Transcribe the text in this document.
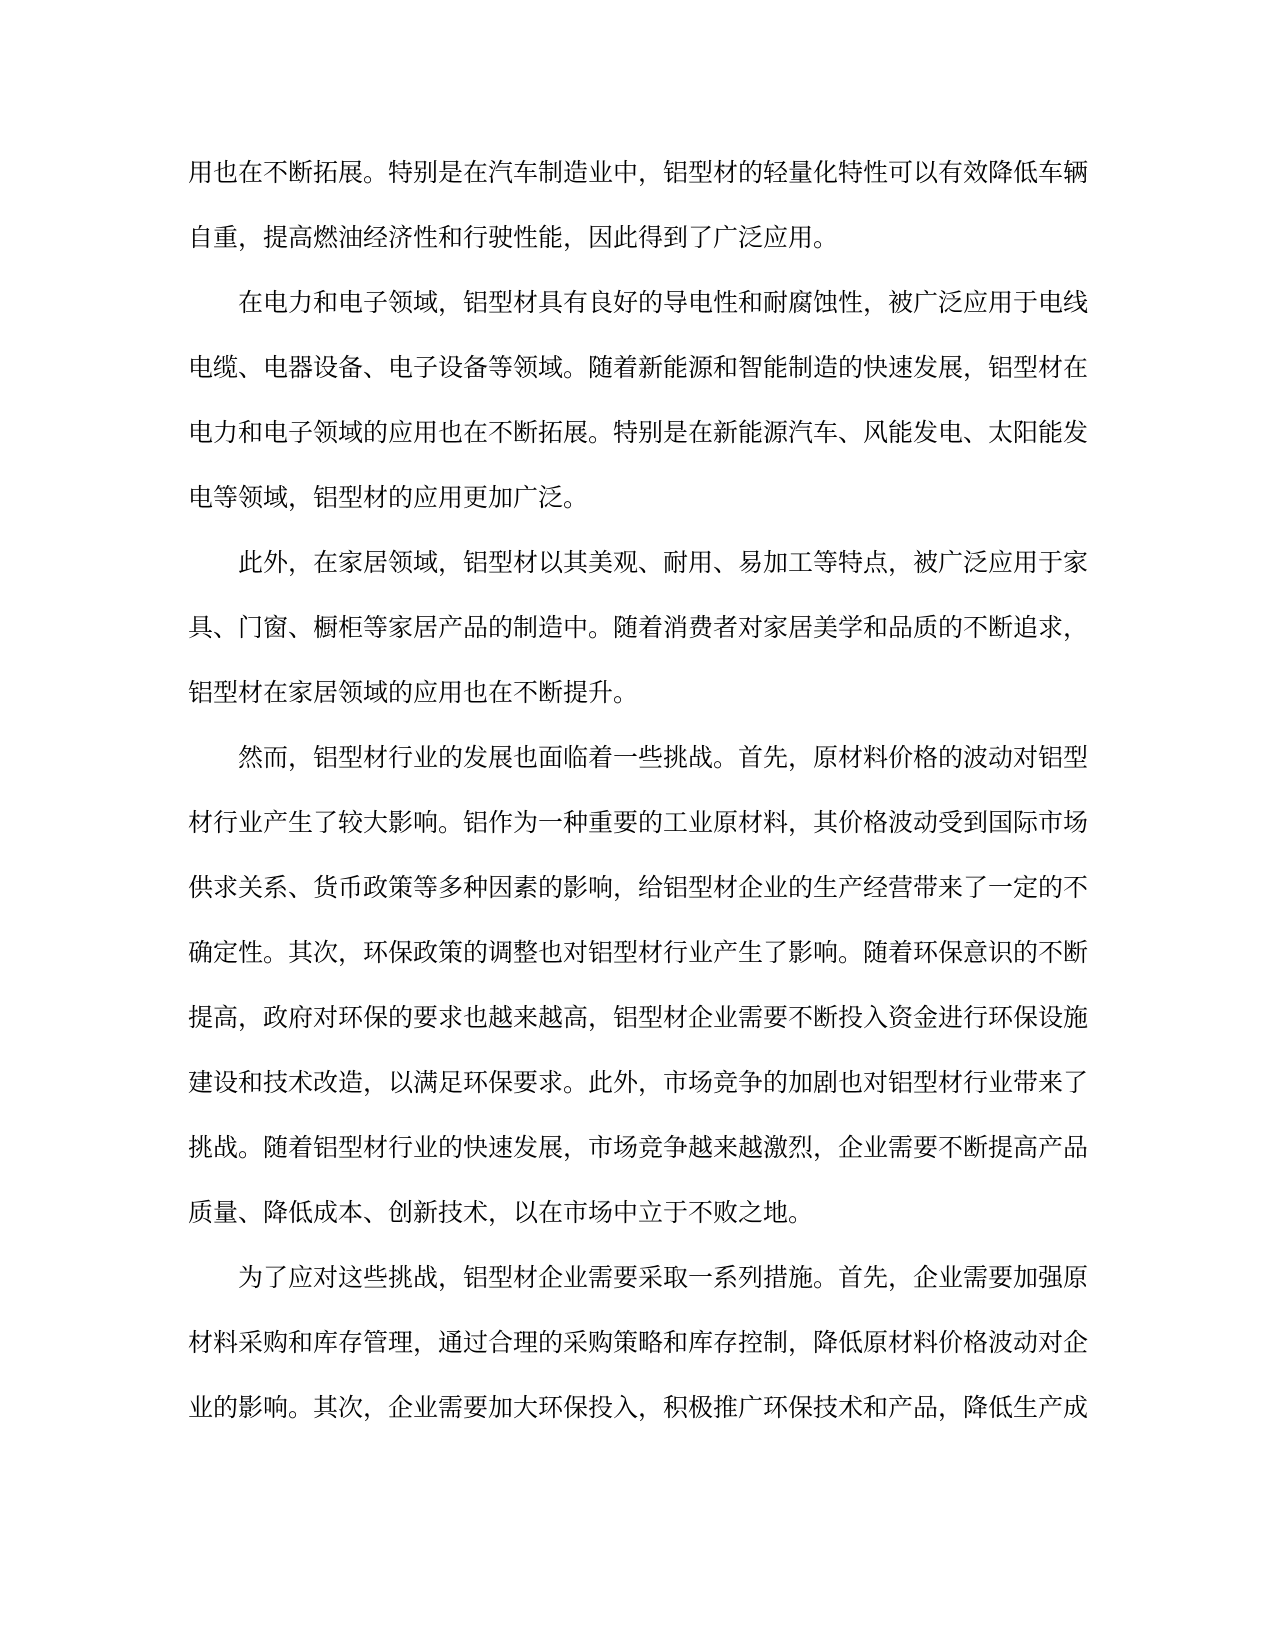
用也在不断拓展。特别是在汽车制造业中，铝型材的轻量化特性可以有效降低车辆
自重，提高燃油经济性和行驶性能，因此得到了广泛应用。
在电力和电子领域，铝型材具有良好的导电性和耐腐蚀性，被广泛应用于电线
电缆、电器设备、电子设备等领域。随着新能源和智能制造的快速发展，铝型材在
电力和电子领域的应用也在不断拓展。特别是在新能源汽车、风能发电、太阳能发
电等领域，铝型材的应用更加广泛。
此外，在家居领域，铝型材以其美观、耐用、易加工等特点，被广泛应用于家
具、门窗、橱柜等家居产品的制造中。随着消费者对家居美学和品质的不断追求，
铝型材在家居领域的应用也在不断提升。
然而，铝型材行业的发展也面临着一些挑战。首先，原材料价格的波动对铝型
材行业产生了较大影响。铝作为一种重要的工业原材料，其价格波动受到国际市场
供求关系、货币政策等多种因素的影响，给铝型材企业的生产经营带来了一定的不
确定性。其次，环保政策的调整也对铝型材行业产生了影响。随着环保意识的不断
提高，政府对环保的要求也越来越高，铝型材企业需要不断投入资金进行环保设施
建设和技术改造，以满足环保要求。此外，市场竞争的加剧也对铝型材行业带来了
挑战。随着铝型材行业的快速发展，市场竞争越来越激烈，企业需要不断提高产品
质量、降低成本、创新技术，以在市场中立于不败之地。
为了应对这些挑战，铝型材企业需要采取一系列措施。首先，企业需要加强原
材料采购和库存管理，通过合理的采购策略和库存控制，降低原材料价格波动对企
业的影响。其次，企业需要加大环保投入，积极推广环保技术和产品，降低生产成
